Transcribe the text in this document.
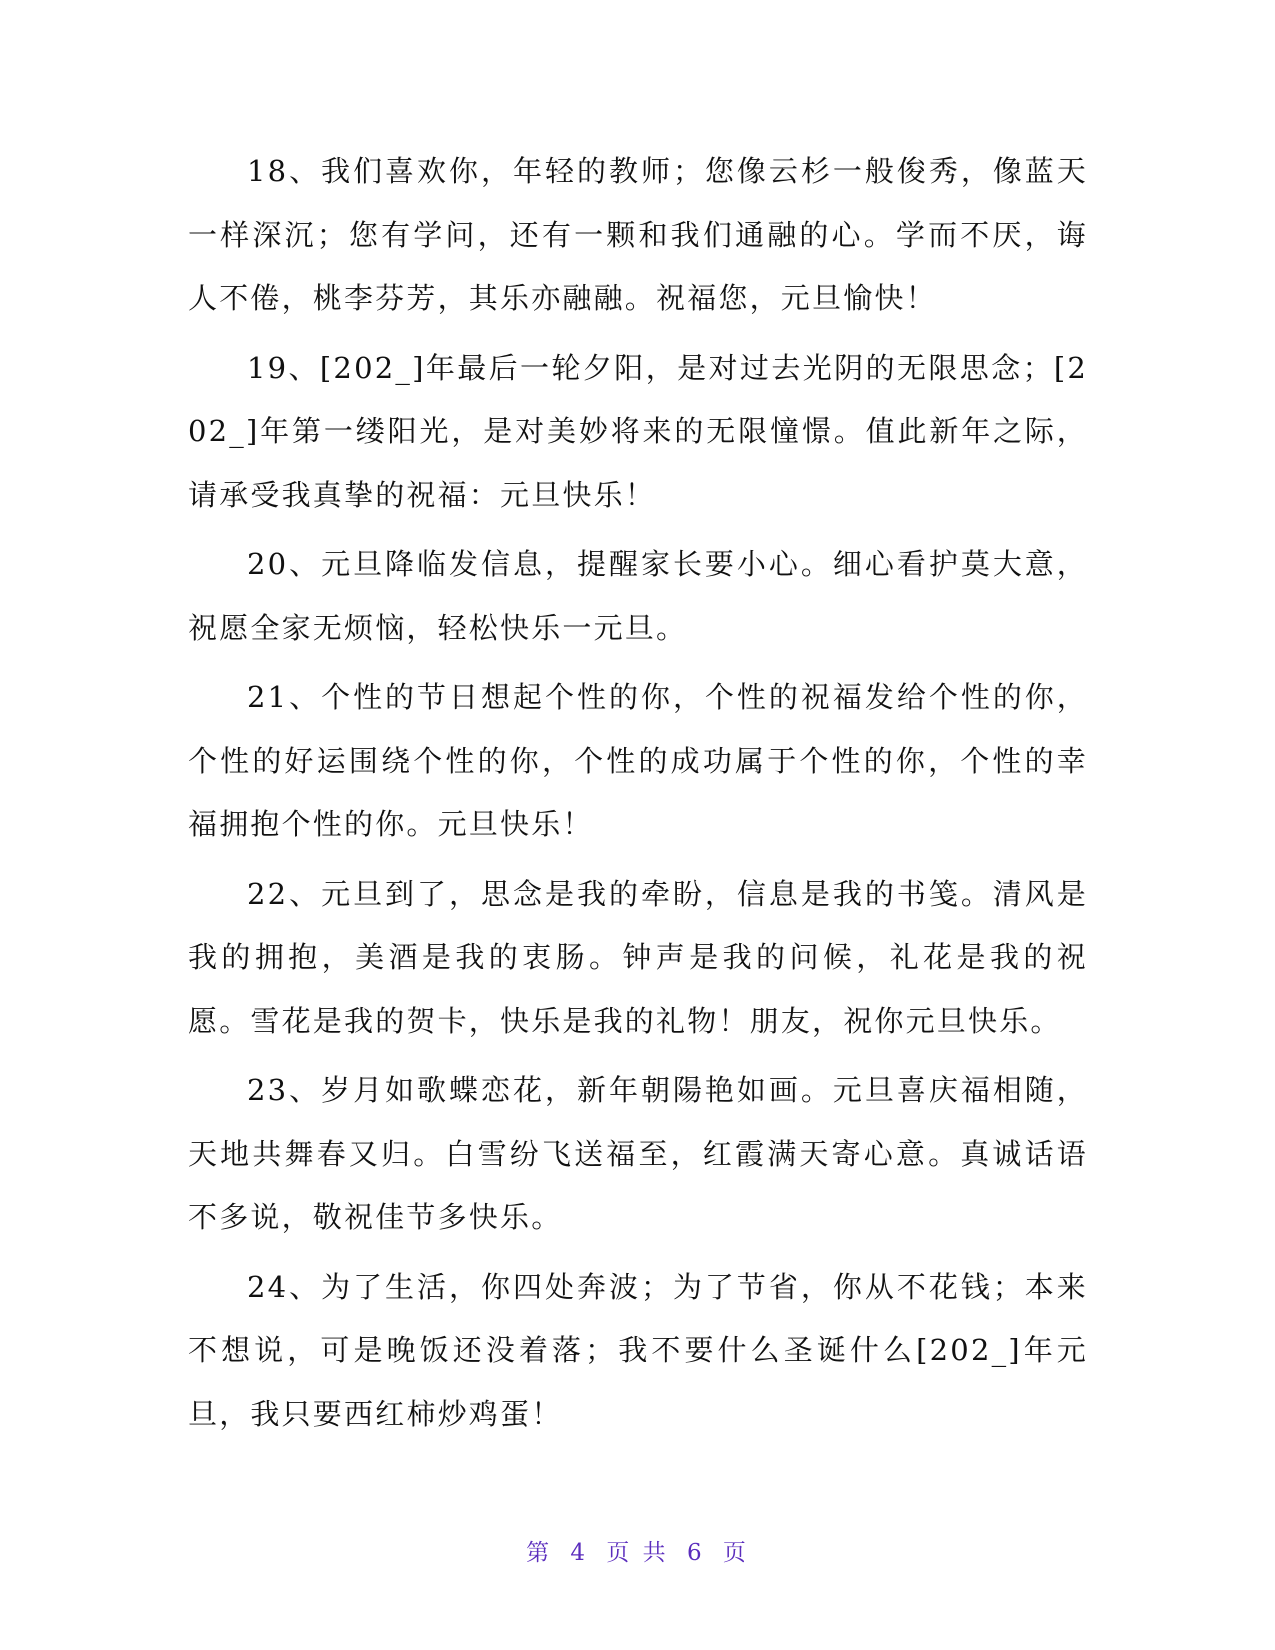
18、我们喜欢你，年轻的教师；您像云杉一般俊秀，像蓝天一样深沉；您有学问，还有一颗和我们通融的心。学而不厌，诲人不倦，桃李芬芳，其乐亦融融。祝福您，元旦愉快！

19、[202_]年最后一轮夕阳，是对过去光阴的无限思念；[202_]年第一缕阳光，是对美妙将来的无限憧憬。值此新年之际，请承受我真挚的祝福：元旦快乐！

20、元旦降临发信息，提醒家长要小心。细心看护莫大意，祝愿全家无烦恼，轻松快乐一元旦。

21、个性的节日想起个性的你，个性的祝福发给个性的你，个性的好运围绕个性的你，个性的成功属于个性的你，个性的幸福拥抱个性的你。元旦快乐！

22、元旦到了，思念是我的牵盼，信息是我的书笺。清风是我的拥抱，美酒是我的衷肠。钟声是我的问候，礼花是我的祝愿。雪花是我的贺卡，快乐是我的礼物！朋友，祝你元旦快乐。

23、岁月如歌蝶恋花，新年朝陽艳如画。元旦喜庆福相随，天地共舞春又归。白雪纷飞送福至，红霞满天寄心意。真诚话语不多说，敬祝佳节多快乐。

24、为了生活，你四处奔波；为了节省，你从不花钱；本来不想说，可是晚饭还没着落；我不要什么圣诞什么[202_]年元旦，我只要西红柿炒鸡蛋！

第 4 页 共 6 页
